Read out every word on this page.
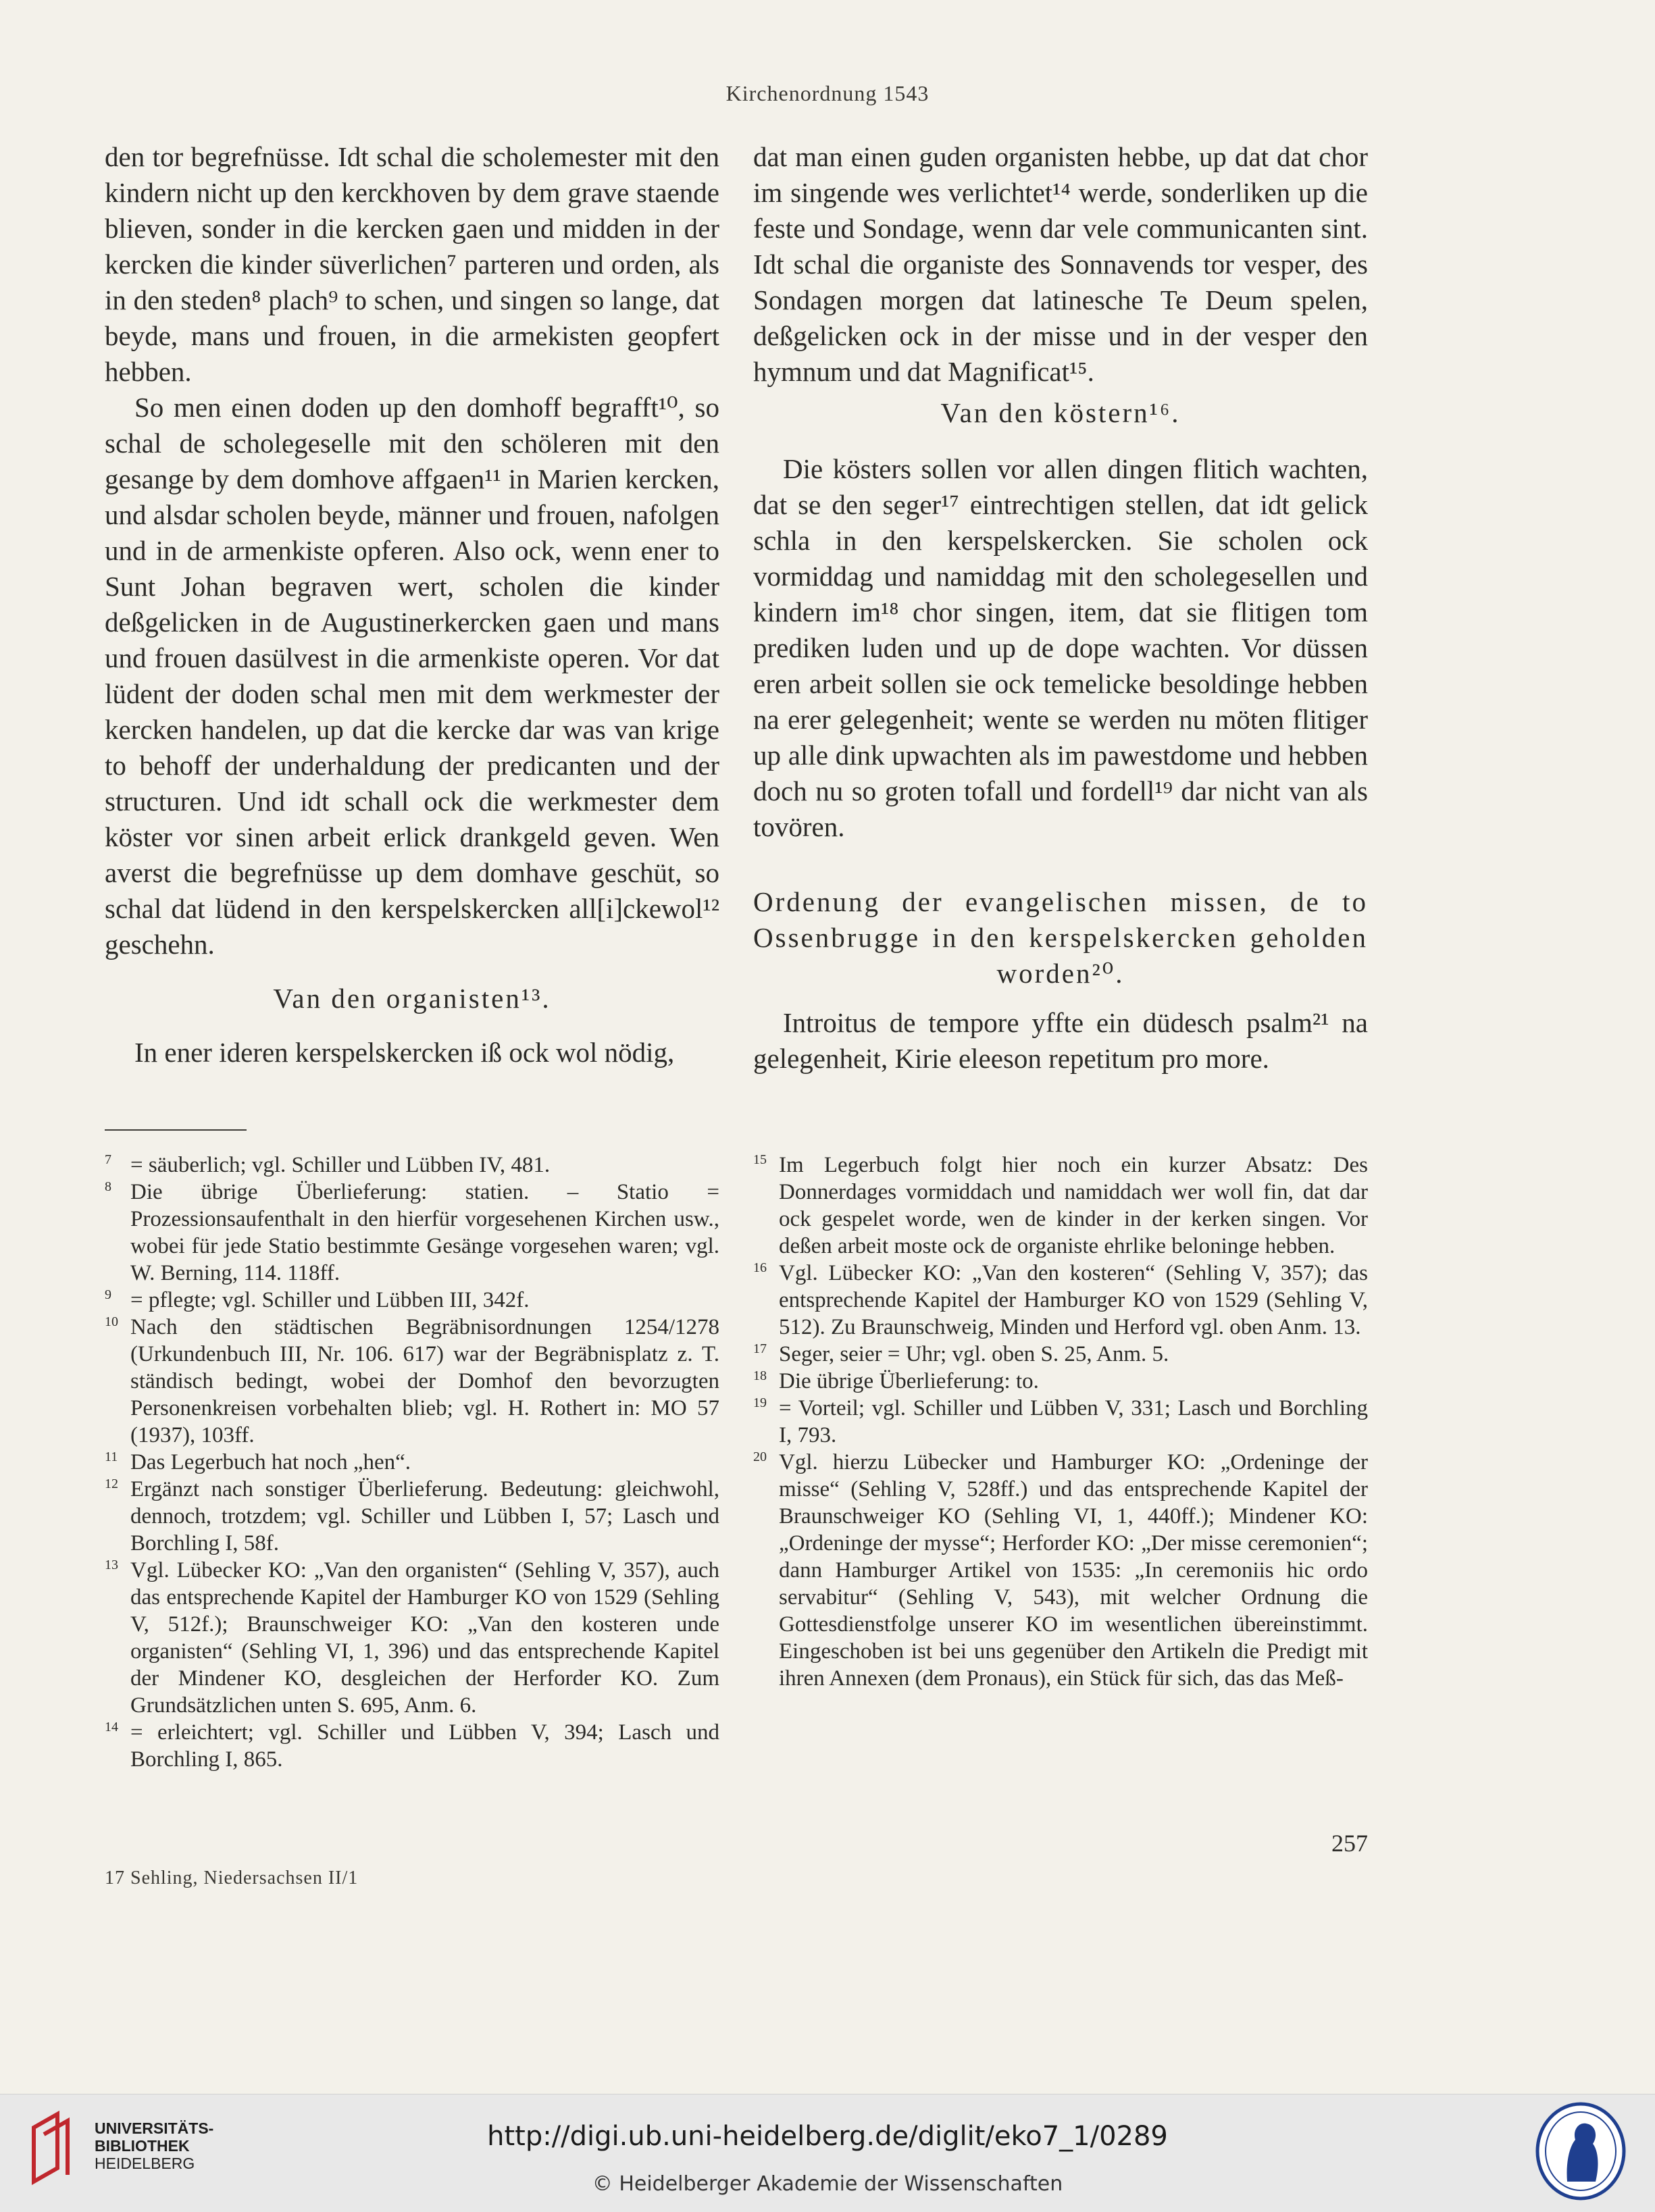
Kirchenordnung 1543

den tor begrefnüsse. Idt schal die scholemester mit den kindern nicht up den kerckhoven by dem grave staende blieven, sonder in die kercken gaen und midden in der kercken die kinder süverlichen⁷ parteren und orden, als in den steden⁸ plach⁹ to schen, und singen so lange, dat beyde, mans und frouen, in die armekisten geopfert hebben.

So men einen doden up den domhoff begrafft¹⁰, so schal de scholegeselle mit den schöleren mit den gesange by dem domhove affgaen¹¹ in Marien kercken, und alsdar scholen beyde, männer und frouen, nafolgen und in de armenkiste opferen. Also ock, wenn ener to Sunt Johan begraven wert, scholen die kinder deßgelicken in de Augustinerkercken gaen und mans und frouen dasülvest in die armenkiste operen. Vor dat lüdent der doden schal men mit dem werkmester der kercken handelen, up dat die kercke dar was van krige to behoff der underhaldung der predicanten und der structuren. Und idt schall ock die werkmester dem köster vor sinen arbeit erlick drankgeld geven. Wen averst die begrefnüsse up dem domhave geschüt, so schal dat lüdend in den kerspelskercken all[i]ckewol¹² geschehn.

Van den organisten¹³.

In ener ideren kerspelskercken iß ock wol nödig,

dat man einen guden organisten hebbe, up dat dat chor im singende wes verlichtet¹⁴ werde, sonderliken up die feste und Sondage, wenn dar vele communicanten sint. Idt schal die organiste des Sonnavends tor vesper, des Sondagen morgen dat latinesche Te Deum spelen, deßgelicken ock in der misse und in der vesper den hymnum und dat Magnificat¹⁵.

Van den köstern¹⁶.

Die kösters sollen vor allen dingen flitich wachten, dat se den seger¹⁷ eintrechtigen stellen, dat idt gelick schla in den kerspelskercken. Sie scholen ock vormiddag und namiddag mit den scholegesellen und kindern im¹⁸ chor singen, item, dat sie flitigen tom prediken luden und up de dope wachten. Vor düssen eren arbeit sollen sie ock temelicke besoldinge hebben na erer gelegenheit; wente se werden nu möten flitiger up alle dink upwachten als im pawestdome und hebben doch nu so groten tofall und fordell¹⁹ dar nicht van als tovören.

Ordenung der evangelischen missen, de to Ossenbrugge in den kerspelskercken geholden worden²⁰.

Introitus de tempore yffte ein düdesch psalm²¹ na gelegenheit, Kirie eleeson repetitum pro more.

7 = säuberlich; vgl. Schiller und Lübben IV, 481.

8 Die übrige Überlieferung: statien. – Statio = Prozessionsaufenthalt in den hierfür vorgesehenen Kirchen usw., wobei für jede Statio bestimmte Gesänge vorgesehen waren; vgl. W. Berning, 114. 118ff.

9 = pflegte; vgl. Schiller und Lübben III, 342f.

10 Nach den städtischen Begräbnisordnungen 1254/1278 (Urkundenbuch III, Nr. 106. 617) war der Begräbnisplatz z. T. ständisch bedingt, wobei der Domhof den bevorzugten Personenkreisen vorbehalten blieb; vgl. H. Rothert in: MO 57 (1937), 103ff.

11 Das Legerbuch hat noch „hen“.

12 Ergänzt nach sonstiger Überlieferung. Bedeutung: gleichwohl, dennoch, trotzdem; vgl. Schiller und Lübben I, 57; Lasch und Borchling I, 58f.

13 Vgl. Lübecker KO: „Van den organisten“ (Sehling V, 357), auch das entsprechende Kapitel der Hamburger KO von 1529 (Sehling V, 512f.); Braunschweiger KO: „Van den kosteren unde organisten“ (Sehling VI, 1, 396) und das entsprechende Kapitel der Mindener KO, desgleichen der Herforder KO. Zum Grundsätzlichen unten S. 695, Anm. 6.

14 = erleichtert; vgl. Schiller und Lübben V, 394; Lasch und Borchling I, 865.

15 Im Legerbuch folgt hier noch ein kurzer Absatz: Des Donnerdages vormiddach und namiddach wer woll fin, dat dar ock gespelet worde, wen de kinder in der kerken singen. Vor deßen arbeit moste ock de organiste ehrlike beloninge hebben.

16 Vgl. Lübecker KO: „Van den kosteren“ (Sehling V, 357); das entsprechende Kapitel der Hamburger KO von 1529 (Sehling V, 512). Zu Braunschweig, Minden und Herford vgl. oben Anm. 13.

17 Seger, seier = Uhr; vgl. oben S. 25, Anm. 5.

18 Die übrige Überlieferung: to.

19 = Vorteil; vgl. Schiller und Lübben V, 331; Lasch und Borchling I, 793.

20 Vgl. hierzu Lübecker und Hamburger KO: „Ordeninge der misse“ (Sehling V, 528ff.) und das entsprechende Kapitel der Braunschweiger KO (Sehling VI, 1, 440ff.); Mindener KO: „Ordeninge der mysse“; Herforder KO: „Der misse ceremonien“; dann Hamburger Artikel von 1535: „In ceremoniis hic ordo servabitur“ (Sehling V, 543), mit welcher Ordnung die Gottesdienstfolge unserer KO im wesentlichen übereinstimmt. Eingeschoben ist bei uns gegenüber den Artikeln die Predigt mit ihren Annexen (dem Pronaus), ein Stück für sich, das das Meß-

257
17 Sehling, Niedersachsen II/1
UNIVERSITÄTS-
BIBLIOTHEK
HEIDELBERG
http://digi.ub.uni-heidelberg.de/diglit/eko7_1/0289
© Heidelberger Akademie der Wissenschaften
